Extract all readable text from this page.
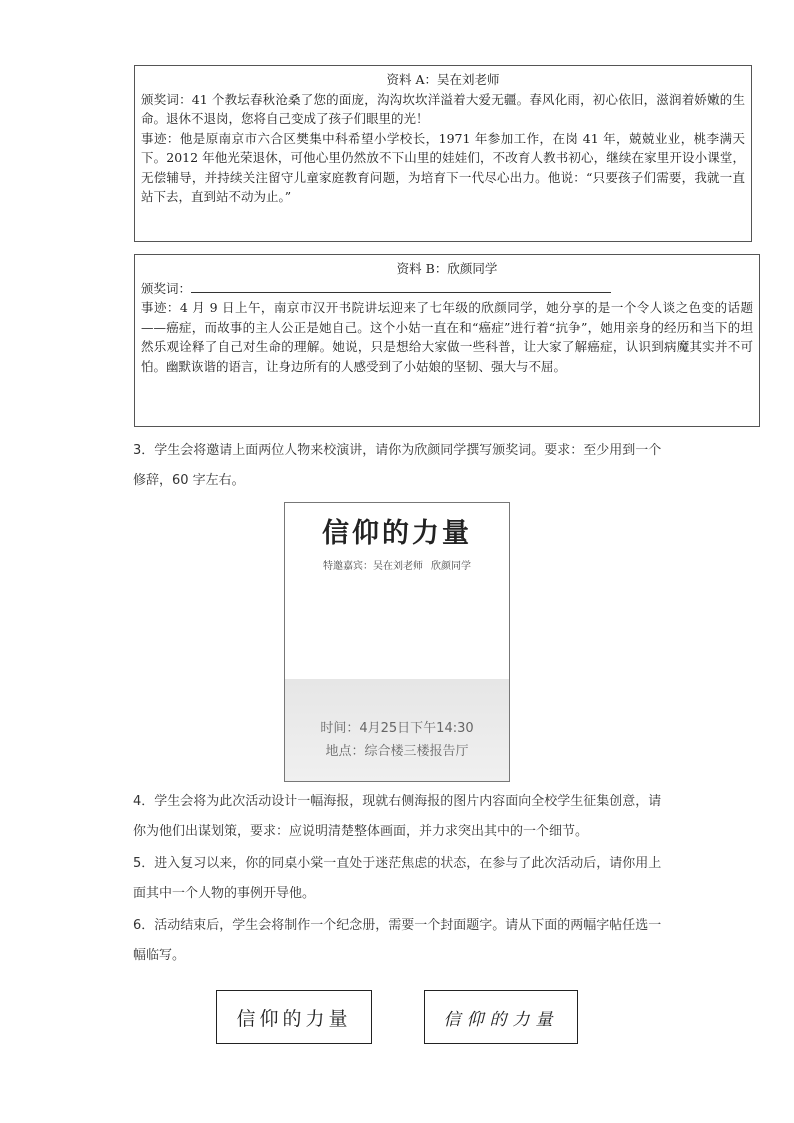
资料 A：吴在刘老师

颁奖词：41 个教坛春秋沧桑了您的面庞，沟沟坎坎洋溢着大爱无疆。春风化雨，初心依旧，滋润着娇嫩的生命。退休不退岗，您将自己变成了孩子们眼里的光！

事迹：他是原南京市六合区樊集中科希望小学校长，1971 年参加工作，在岗 41 年，兢兢业业，桃李满天下。2012 年他光荣退休，可他心里仍然放不下山里的娃娃们，不改育人教书初心，继续在家里开设小课堂，无偿辅导，并持续关注留守儿童家庭教育问题，为培育下一代尽心出力。他说：“只要孩子们需要，我就一直站下去，直到站不动为止。”

资料 B：欣颜同学

颁奖词：

事迹：4 月 9 日上午，南京市汉开书院讲坛迎来了七年级的欣颜同学，她分享的是一个令人谈之色变的话题——癌症，而故事的主人公正是她自己。这个小姑一直在和“癌症”进行着“抗争”，她用亲身的经历和当下的坦然乐观诠释了自己对生命的理解。她说，只是想给大家做一些科普，让大家了解癌症，认识到病魔其实并不可怕。幽默诙谐的语言，让身边所有的人感受到了小姑娘的坚韧、强大与不屈。

3．学生会将邀请上面两位人物来校演讲，请你为欣颜同学撰写颁奖词。要求：至少用到一个修辞，60 字左右。

信仰的力量
特邀嘉宾：吴在刘老师 欣颜同学
时间：4月25日下午14:30
地点：综合楼三楼报告厅

4．学生会将为此次活动设计一幅海报，现就右侧海报的图片内容面向全校学生征集创意，请你为他们出谋划策，要求：应说明清楚整体画面，并力求突出其中的一个细节。

5．进入复习以来，你的同桌小棠一直处于迷茫焦虑的状态，在参与了此次活动后，请你用上面其中一个人物的事例开导他。

6．活动结束后，学生会将制作一个纪念册，需要一个封面题字。请从下面的两幅字帖任选一幅临写。

信仰的力量	信仰的力量
